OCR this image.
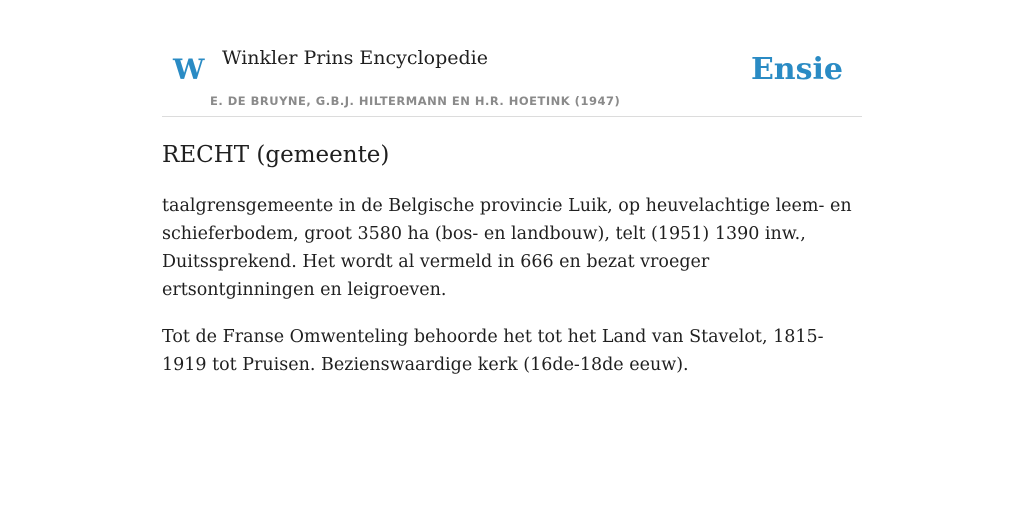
W Winkler Prins Encyclopedie
E. DE BRUYNE, G.B.J. HILTERMANN EN H.R. HOETINK (1947)
Ensie
RECHT (gemeente)

taalgrensgemeente in de Belgische provincie Luik, op heuvelachtige leem- en schieferbodem, groot 3580 ha (bos- en landbouw), telt (1951) 1390 inw., Duitssprekend. Het wordt al vermeld in 666 en bezat vroeger ertsontginningen en leigroeven.

Tot de Franse Omwenteling behoorde het tot het Land van Stavelot, 1815-1919 tot Pruisen. Bezienswaardige kerk (16de-18de eeuw).
